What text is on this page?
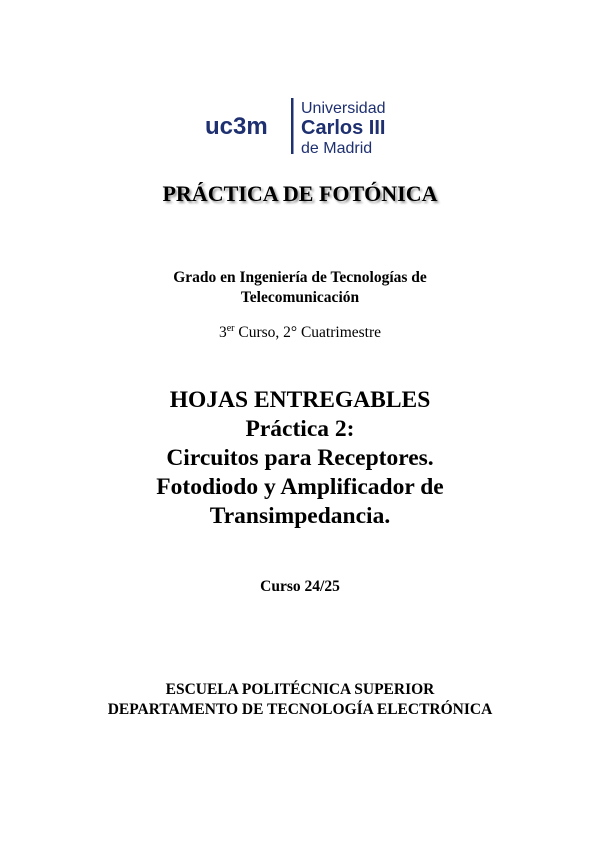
uc3m
Universidad
Carlos III
de Madrid
PRÁCTICA DE FOTÓNICA
Grado en Ingeniería de Tecnologías de
Telecomunicación
3er Curso, 2° Cuatrimestre
HOJAS ENTREGABLES
Práctica 2:
Circuitos para Receptores.
Fotodiodo y Amplificador de
Transimpedancia.
Curso 24/25
ESCUELA POLITÉCNICA SUPERIOR
DEPARTAMENTO DE TECNOLOGÍA ELECTRÓNICA
